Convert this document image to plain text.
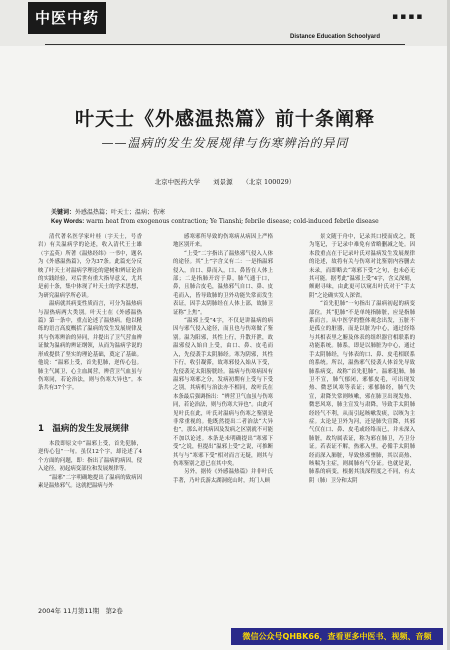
中医中药	▪▪▪▪
Distance Education Schoolyard
叶天士《外感温热篇》前十条阐释
——温病的发生发展规律与伤寒辨治的异同
北京中医药大学　　刘景源　　（北京 100029）
关键词：外感温热篇；叶天士；温病；伤寒
Key Words: warm heat from exogenous contraction; Ye Tianshi; febrile disease; cold-induced febrile disease

清代著名医学家叶桂（字天士，号香岩）有关温病学的论述，收入清代王士雄（字孟英）所著《温热经纬》一书中，题名为《外感温热篇》，分为37条。此篇充分反映了叶天士对温病学理论的建树和辨证论治的实践经验，对后世有重大指导意义，尤其是前十条，集中体现了叶天士的学术思想，为研究温病学所必读。

温病就其病变性质而言，可分为温热病与湿热病两大类别。叶天士在《外感温热篇》第一条中，重点论述了温热病。他以精练的语言高度概括了温病的发生发展规律及其与伤寒辨治的异同，并提出了卫气营血辨证做为温病的辨证纲领，从而为温病学说的形成提供了坚实的理论基础，奠定了基础。他说：“温邪上受，首先犯肺，逆传心包。肺主气属卫，心主血属营，辨营卫气血虽与伤寒同，若论治法，则与伤寒大异也”。本条共有37个字。

1　温病的发生发展规律

本段即原文中“温邪上受，首先犯肺，逆传心包”一句。虽仅12个字，却论述了4个方面的问题，即：指出了温病的病因，侵入途径，初起病变部位和发展规律等。

“温邪”二字明确地提出了温病的致病因素是温热邪气。这就把温病与外

感寒邪所导致的伤寒病从病因上严格地区别开来。

“上受”二字指出了温热邪气侵入人体的途径。其“上”字含义有二：一是指温邪侵入，自口、鼻而入，口、鼻皆在人体上部；二是指肺开窍于鼻，肺气通于口，鼻，且肺合皮毛，温热邪气自口、鼻、皮毛而入，皆导致肺的卫外功能失常而发生表证，因手太阴肺经在人体上部，故肺卫证称“上焦”。

“温邪上受”4字，不仅是讲温病的病因与邪气侵入途径，而且也与伤寒做了鉴别。温为阳邪，其性上行，升散开泄，故温邪侵入始自上受，由口、鼻、皮毛而入，先侵袭手太阴肺经。寒为阴邪，其性下行，收引凝滞，故寒邪侵入始从下受，先侵袭足太阳膀胱经。温病与伤寒病因有温邪与寒邪之分，发病初期有上受与下受之别，其病机与治法亦不相同，故叶氏在本条最后强调指出：“辨营卫气血虽与伤寒同，若论治法，则与伤寒大异也”。由此可见叶氏在此，叶氏对温病与伤寒之鉴别是非常重视的。他既然提出二者治法“大异也”，那么对其病因及发病之区别就不可能不加以论述。本条是未明确提出“寒邪下受”之说，但提出“温邪上受”之说，可推断其与与“寒邪下受”相对而言无疑，则其与伤寒鉴别之意已在其中矣。

另外，据传《外感温热篇》并非叶氏手著，乃叶氏游太湖洞庭山时，其门人顾

景文随于舟中，记录其口授而成之，既为笔记，于记录中难免有省略删减之处。因本段重点在于记录叶氏对温病发生发展规律的论述，故将有关与伤寒对比鉴别内容删去未录，而即略去“寒邪下受”之句，也未必无其可能。据考此“温邪上受”4字，含义深刻，颇耐寻味，由此更可以窥出叶氏对于“手太阴”之论确实发人深省。

“首先犯肺”一句指出了温病初起的病变部位。其“犯肺”不是单纯指肺脏，应是指肺系而言。从中医学的整体观念出发，五脏不是孤立的脏器，而是以脏为中心，通过经络与其相表里之腑及体表的组织器官相联系的功能系统。肺系，即是以肺脏为中心，通过手太阴肺经，与体表的口、鼻、皮毛相联系的系统。所以，温热邪气侵袭人体首先导致肺系病变，故称“首先犯肺”。温邪犯肺，肺卫不宣，肺气郁闭，邪郁皮毛，可出现发热、微恶风寒等表证；邪郁肺经，肺气失宣，肃降失常则咳嗽，邪在肺卫出现发热、微恶风寒，肺主宣发与肃降，导致手太阴肺经经气不利，从而引起咳嗽发痰，以咳为主症。太论是卫外为河，还是肺失宣降，其邪气仅在口、鼻、皮毛或经络而已，并未深入肺脏，故均属表证，称为邪在肺卫，乃卫分证。若表证不解，热邪入里，必循手太阴肺经而深入肺脏，导致热邪壅肺，其以高热、咳喘为主症，则属肺有气分证。也就是说，肺系的病变，根据其浅深程度之不同，有太阴（肺）卫分和太阴

2004年 11月第11期　第2卷
微信公众号QHBK66，查看更多中医书、视频、音频
